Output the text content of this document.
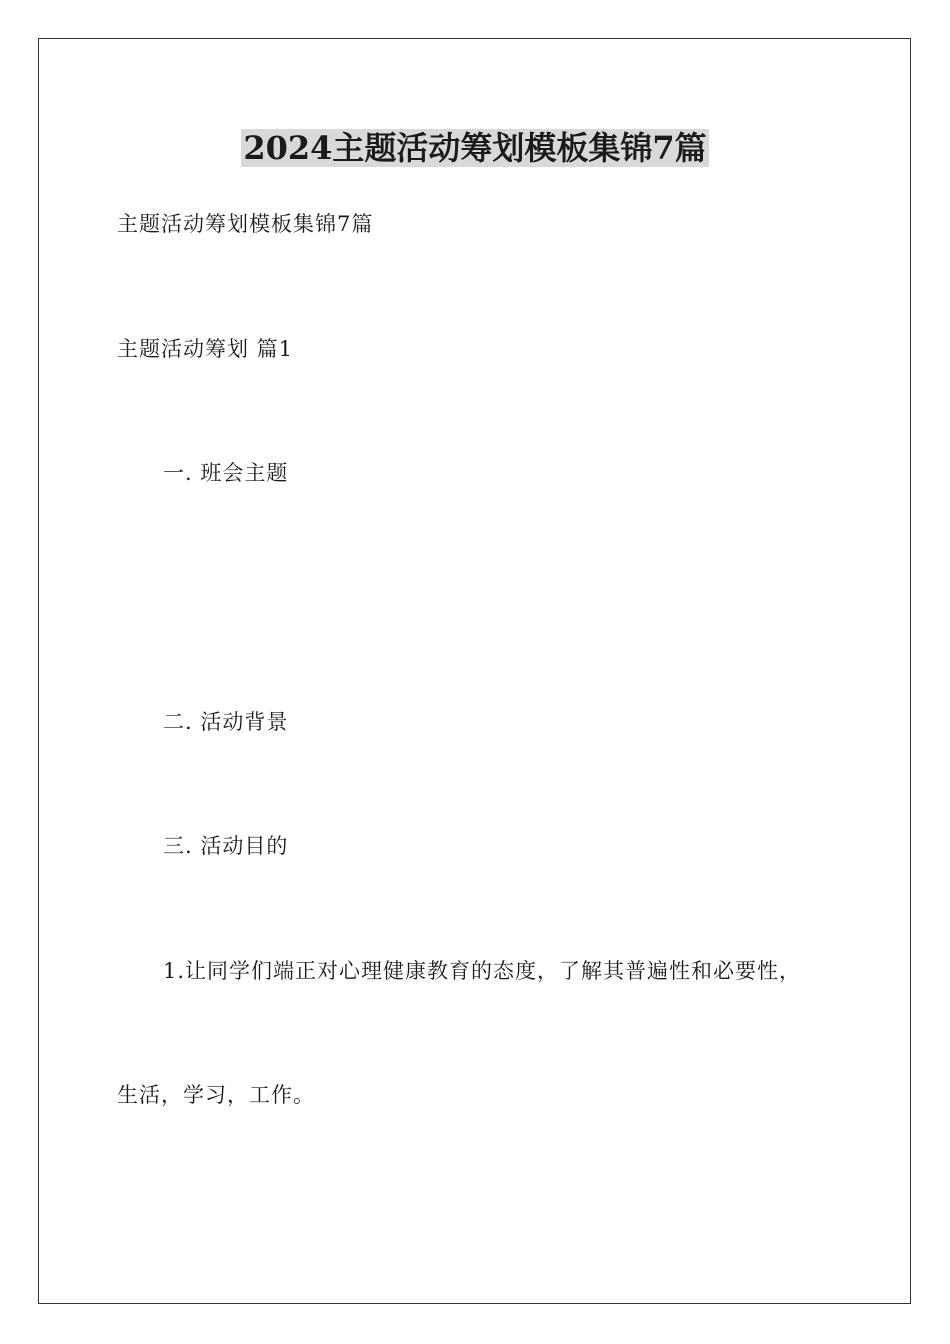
2024主题活动筹划模板集锦7篇
主题活动筹划模板集锦7篇
主题活动筹划 篇1
一. 班会主题
二. 活动背景
三. 活动目的
1.让同学们端正对心理健康教育的态度，了解其普遍性和必要性，
生活，学习，工作。
